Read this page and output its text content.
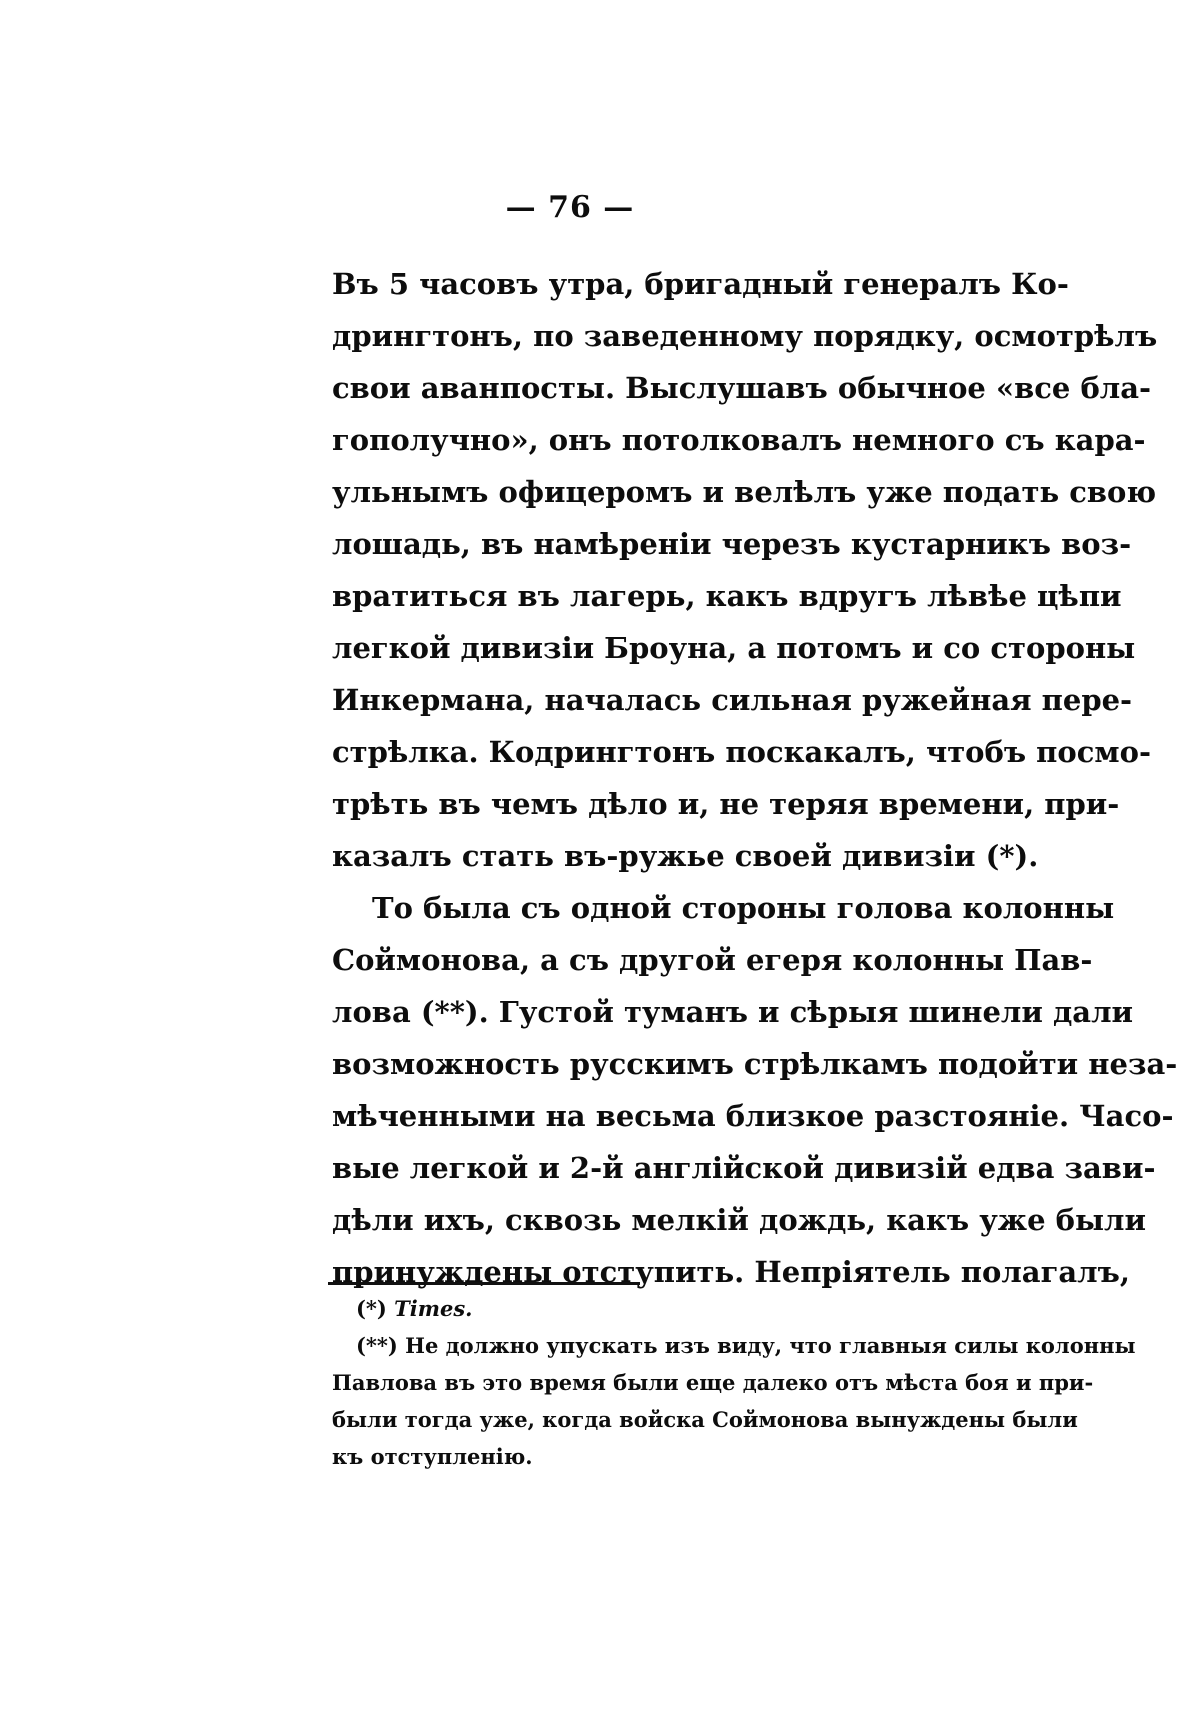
— 76 —
Въ 5 часовъ утра, бригадный генералъ Ко-
дрингтонъ, по заведенному порядку, осмотрѣлъ
свои аванпосты. Выслушавъ обычное «все бла-
гополучно», онъ потолковалъ немного съ кара-
ульнымъ офицеромъ и велѣлъ уже подать свою
лошадь, въ намѣреніи черезъ кустарникъ воз-
вратиться въ лагерь, какъ вдругъ лѣвѣе цѣпи
легкой дивизіи Броуна, а потомъ и со стороны
Инкермана, началась сильная ружейная пере-
стрѣлка. Кодрингтонъ поскакалъ, чтобъ посмо-
трѣть въ чемъ дѣло и, не теряя времени, при-
казалъ стать въ-ружье своей дивизіи (*).
То была съ одной стороны голова колонны
Соймонова, а съ другой егеря колонны Пав-
лова (**). Густой туманъ и сѣрыя шинели дали
возможность русскимъ стрѣлкамъ подойти неза-
мѣченными на весьма близкое разстояніе. Часо-
вые легкой и 2-й англійской дивизій едва зави-
дѣли ихъ, сквозь мелкій дождь, какъ уже были
принуждены отступить. Непріятель полагалъ,
(*) Times.
(**) Не должно упускать изъ виду, что главныя силы колонны
Павлова въ это время были еще далеко отъ мѣста боя и при-
были тогда уже, когда войска Соймонова вынуждены были
къ отступленію.
